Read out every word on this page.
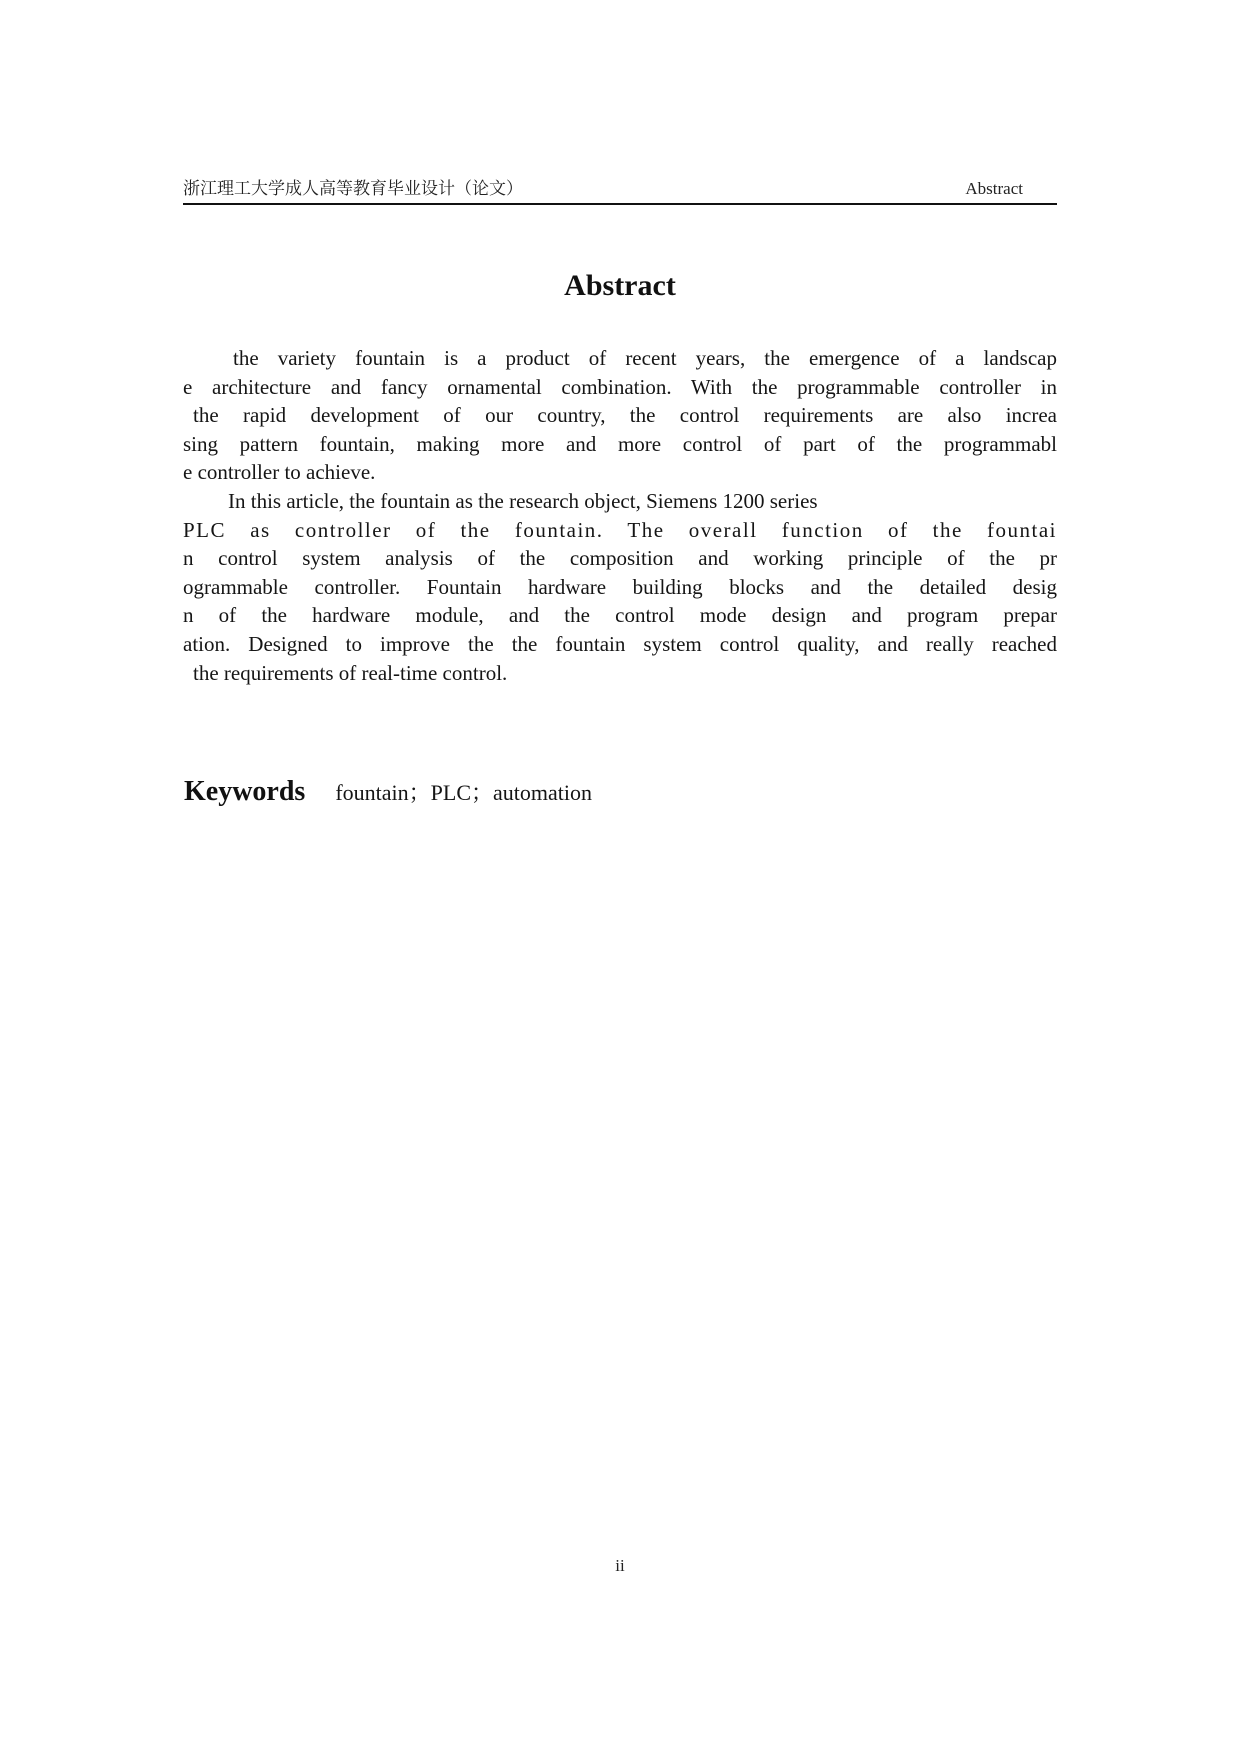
浙江理工大学成人高等教育毕业设计（论文）	Abstract
Abstract
the variety fountain is a product of recent years, the emergence of a landscap
e architecture and fancy ornamental combination. With the programmable controller in
the rapid development of our country, the control requirements are also increa
sing pattern fountain, making more and more control of part of the programmabl
e controller to achieve.
In this article, the fountain as the research object, Siemens 1200 series
PLC as controller of the fountain. The overall function of the fountai
n control system analysis of the composition and working principle of the pr
ogrammable controller. Fountain hardware building blocks and the detailed desig
n of the hardware module, and the control mode design and program prepar
ation. Designed to improve the the fountain system control quality, and really reached
the requirements of real-time control.
Keywords fountain；PLC；automation
ii
